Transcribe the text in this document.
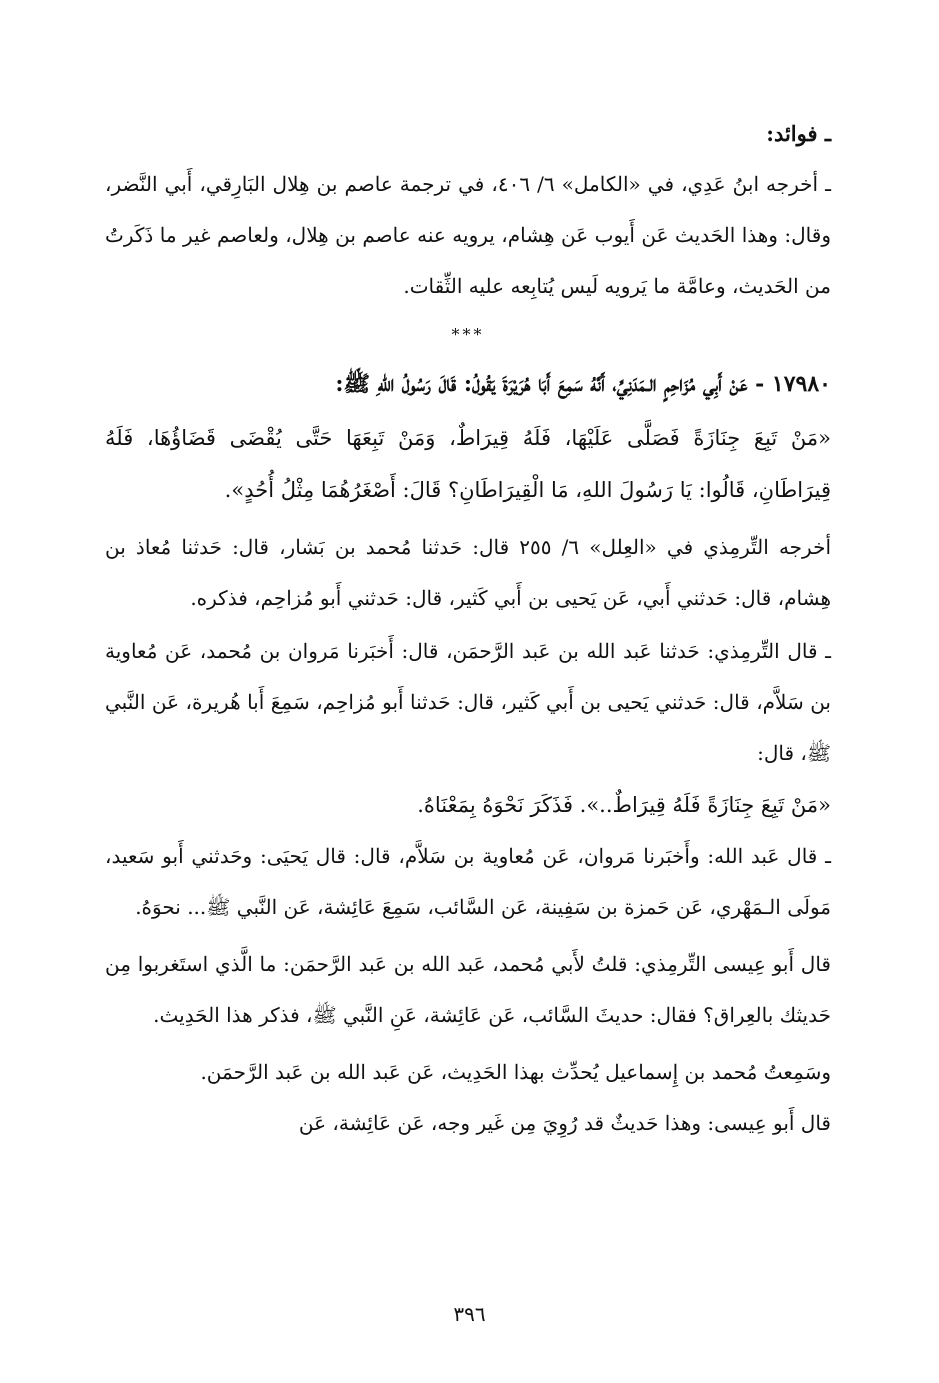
ـ فوائد:

ـ أخرجه ابنُ عَدِي، في «الكامل» ٦/ ٤٠٦، في ترجمة عاصم بن هِلال البَارِقي، أَبي النَّضر، وقال: وهذا الحَديث عَن أَيوب عَن هِشام، يرويه عنه عاصم بن هِلال، ولعاصم غير ما ذَكَرتُ من الحَديث، وعامَّة ما يَرويه لَيس يُتابِعه عليه الثِّقات.

***

١٧٩٨٠ - عَنْ أَبِي مُزَاحِمٍ الـمَدَنِيِّ، أَنَّهُ سَمِعَ أَبَا هُرَيْرَةَ يَقُولُ: قَالَ رَسُولُ اللهِ ﷺ:

«مَنْ تَبِعَ جِنَازَةً فَصَلَّى عَلَيْهَا، فَلَهُ قِيرَاطٌ، وَمَنْ تَبِعَهَا حَتَّى يُقْضَى قَضَاؤُهَا، فَلَهُ قِيرَاطَانِ، قَالُوا: يَا رَسُولَ اللهِ، مَا الْقِيرَاطَانِ؟ قَالَ: أَصْغَرُهُمَا مِثْلُ أُحُدٍ».

أخرجه التِّرمِذي في «العِلل» ٦/ ٢٥٥ قال: حَدثنا مُحمد بن بَشار، قال: حَدثنا مُعاذ بن هِشام، قال: حَدثني أَبي، عَن يَحيى بن أَبي كَثير، قال: حَدثني أَبو مُزاحِم، فذكره.

ـ قال التِّرمِذي: حَدثنا عَبد الله بن عَبد الرَّحمَن، قال: أَخبَرنا مَروان بن مُحمد، عَن مُعاوية بن سَلاَّم، قال: حَدثني يَحيى بن أَبي كَثير، قال: حَدثنا أَبو مُزاحِم، سَمِعَ أَبا هُريرة، عَن النَّبي ﷺ، قال:

«مَنْ تَبِعَ جِنَازَةً فَلَهُ قِيرَاطٌ..». فَذَكَرَ نَحْوَهُ بِمَعْنَاهُ.

ـ قال عَبد الله: وأَخبَرنا مَروان، عَن مُعاوية بن سَلاَّم، قال: قال يَحيَى: وحَدثني أَبو سَعيد، مَولَى الـمَهْري، عَن حَمزة بن سَفِينة، عَن السَّائب، سَمِعَ عَائِشة، عَن النَّبي ﷺ... نحوَهُ.

قال أَبو عِيسى التِّرمِذي: قلتُ لأَبي مُحمد، عَبد الله بن عَبد الرَّحمَن: ما الَّذي استَغربوا مِن حَديثك بالعِراق؟ فقال: حديثَ السَّائب، عَن عَائِشة، عَنِ النَّبي ﷺ، فذكر هذا الحَدِيث.

وسَمِعتُ مُحمد بن إِسماعيل يُحدِّث بهذا الحَدِيث، عَن عَبد الله بن عَبد الرَّحمَن.

قال أَبو عِيسى: وهذا حَديثٌ قد رُوِيَ مِن غَير وجه، عَن عَائِشة، عَن

٣٩٦
